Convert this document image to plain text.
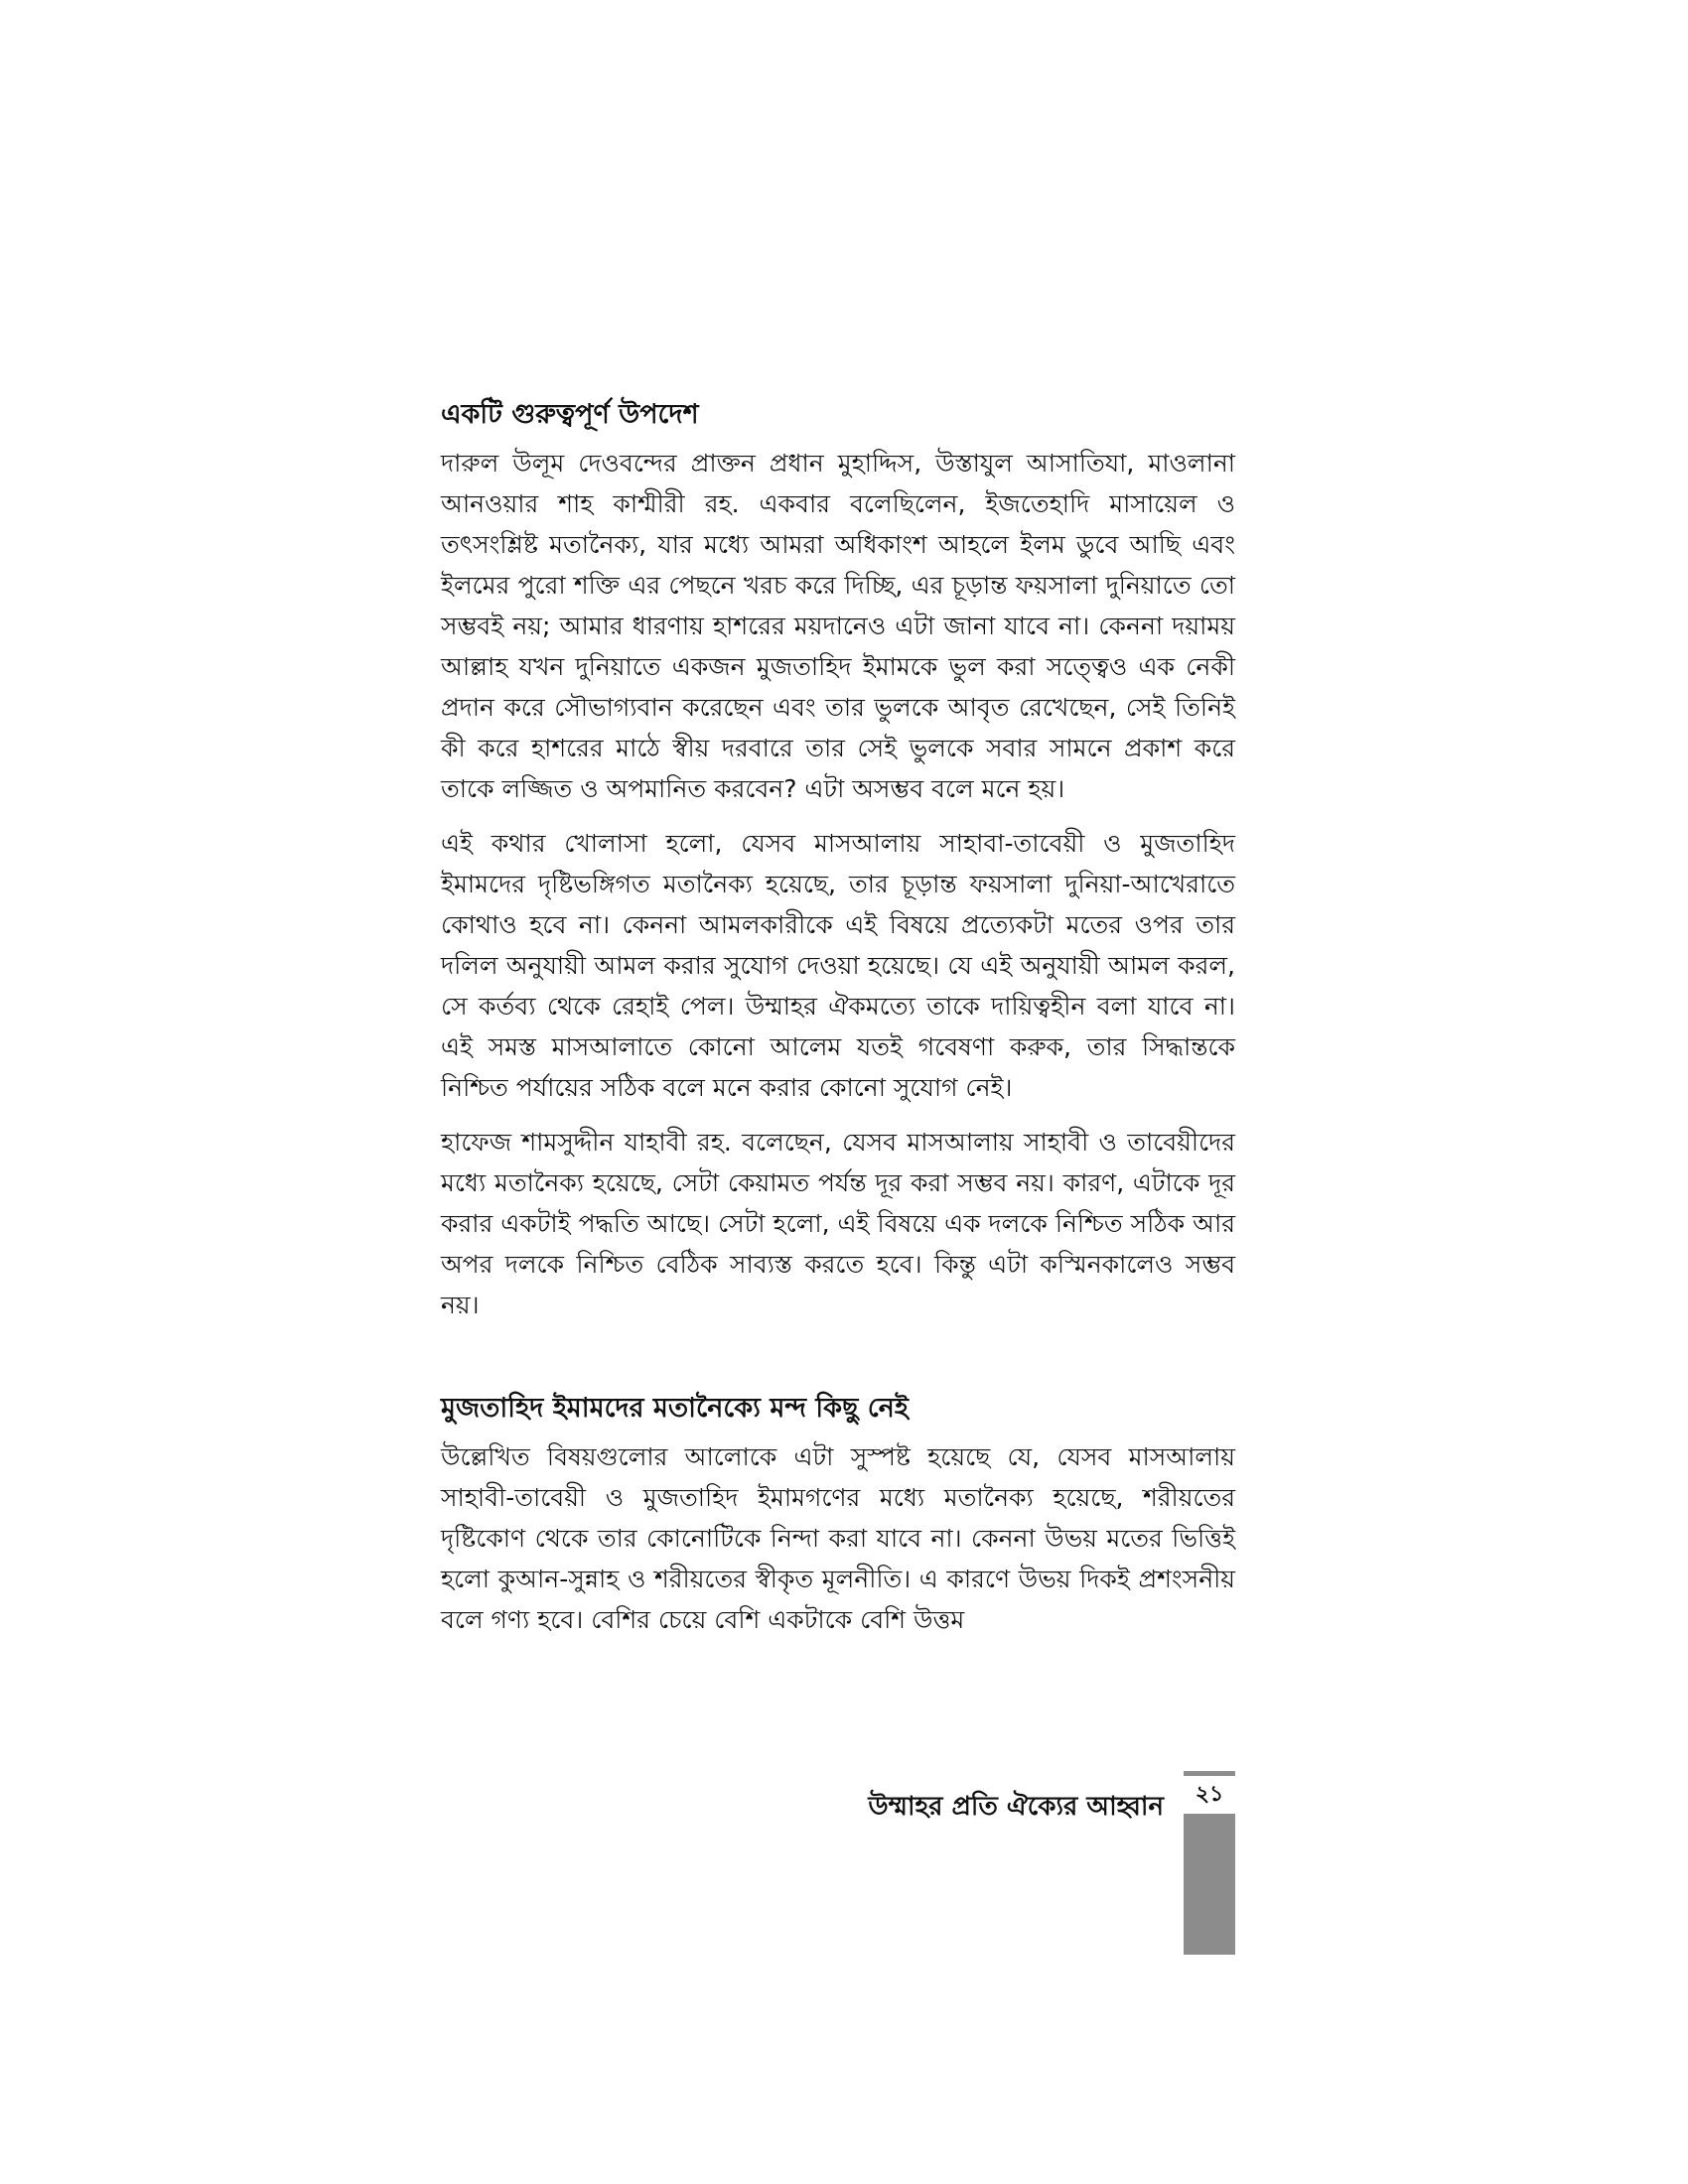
একটি গুরুত্বপূর্ণ উপদেশ

দারুল উলূম দেওবন্দের প্রাক্তন প্রধান মুহাদ্দিস, উস্তাযুল আসাতিযা, মাওলানা আনওয়ার শাহ কাশ্মীরী রহ. একবার বলেছিলেন, ইজতেহাদি মাসায়েল ও তৎসংশ্লিষ্ট মতানৈক্য, যার মধ্যে আমরা অধিকাংশ আহলে ইলম ডুবে আছি এবং ইলমের পুরো শক্তি এর পেছনে খরচ করে দিচ্ছি, এর চূড়ান্ত ফয়সালা দুনিয়াতে তো সম্ভবই নয়; আমার ধারণায় হাশরের ময়দানেও এটা জানা যাবে না। কেননা দয়াময় আল্লাহ যখন দুনিয়াতে একজন মুজতাহিদ ইমামকে ভুল করা সত্ত্বেও এক নেকী প্রদান করে সৌভাগ্যবান করেছেন এবং তার ভুলকে আবৃত রেখেছেন, সেই তিনিই কী করে হাশরের মাঠে স্বীয় দরবারে তার সেই ভুলকে সবার সামনে প্রকাশ করে তাকে লজ্জিত ও অপমানিত করবেন? এটা অসম্ভব বলে মনে হয়।

এই কথার খোলাসা হলো, যেসব মাসআলায় সাহাবা-তাবেয়ী ও মুজতাহিদ ইমামদের দৃষ্টিভঙ্গিগত মতানৈক্য হয়েছে, তার চূড়ান্ত ফয়সালা দুনিয়া-আখেরাতে কোথাও হবে না। কেননা আমলকারীকে এই বিষয়ে প্রত্যেকটা মতের ওপর তার দলিল অনুযায়ী আমল করার সুযোগ দেওয়া হয়েছে। যে এই অনুযায়ী আমল করল, সে কর্তব্য থেকে রেহাই পেল। উম্মাহর ঐকমত্যে তাকে দায়িত্বহীন বলা যাবে না। এই সমস্ত মাসআলাতে কোনো আলেম যতই গবেষণা করুক, তার সিদ্ধান্তকে নিশ্চিত পর্যায়ের সঠিক বলে মনে করার কোনো সুযোগ নেই।

হাফেজ শামসুদ্দীন যাহাবী রহ. বলেছেন, যেসব মাসআলায় সাহাবী ও তাবেয়ীদের মধ্যে মতানৈক্য হয়েছে, সেটা কেয়ামত পর্যন্ত দূর করা সম্ভব নয়। কারণ, এটাকে দূর করার একটাই পদ্ধতি আছে। সেটা হলো, এই বিষয়ে এক দলকে নিশ্চিত সঠিক আর অপর দলকে নিশ্চিত বেঠিক সাব্যস্ত করতে হবে। কিন্তু এটা কস্মিনকালেও সম্ভব নয়।

মুজতাহিদ ইমামদের মতানৈক্যে মন্দ কিছু নেই

উল্লেখিত বিষয়গুলোর আলোকে এটা সুস্পষ্ট হয়েছে যে, যেসব মাসআলায় সাহাবী-তাবেয়ী ও মুজতাহিদ ইমামগণের মধ্যে মতানৈক্য হয়েছে, শরীয়তের দৃষ্টিকোণ থেকে তার কোনোটিকে নিন্দা করা যাবে না। কেননা উভয় মতের ভিত্তিই হলো কুআন-সুন্নাহ ও শরীয়তের স্বীকৃত মূলনীতি। এ কারণে উভয় দিকই প্রশংসনীয় বলে গণ্য হবে। বেশির চেয়ে বেশি একটাকে বেশি উত্তম

উম্মাহর প্রতি ঐক্যের আহ্বান	২১
